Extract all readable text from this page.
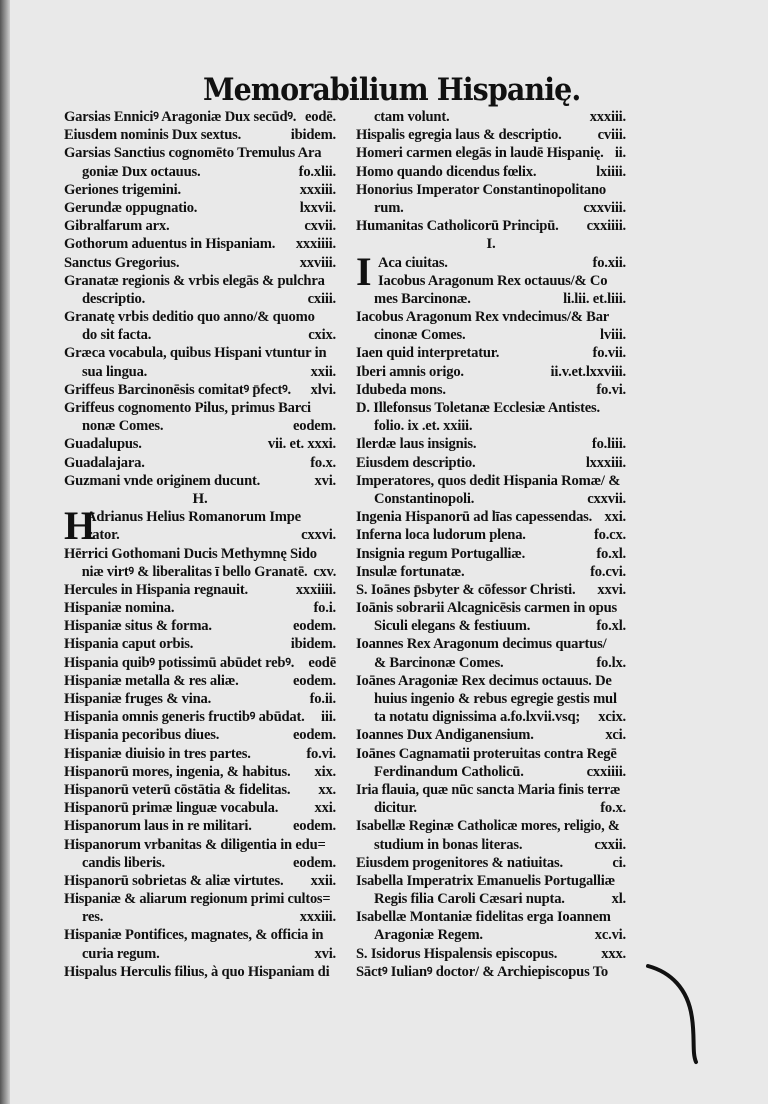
Memorabilium Hispanię.
Garsias Enniciꝰ Aragoniæ Dux secūdꝰ. eodē.
Eiusdem nominis Dux sextus.	ibidem.
Garsias Sanctius cognomēto Tremulus Ara
goniæ Dux octauus.	fo.xlii.
Geriones trigemini.	xxxiii.
Gerundæ oppugnatio.	lxxvii.
Gibralfarum arx.	cxvii.
Gothorum aduentus in Hispaniam.	xxxiiii.
Sanctus Gregorius.	xxviii.
Granatæ regionis & vrbis elegās & pulchra
descriptio.	cxiii.
Granatę vrbis deditio quo anno/& quomo
do sit facta.	cxix.
Græca vocabula, quibus Hispani vtuntur in
sua lingua.	xxii.
Griffeus Barcinonēsis comitatꝰ p̄fectꝰ.	xlvi.
Griffeus cognomento Pilus, primus Barci
nonæ Comes.	eodem.
Guadalupus.	vii. et. xxxi.
Guadalajara.	fo.x.
Guzmani vnde originem ducunt.	xvi.
H.
H
Adrianus Helius Romanorum Impe
rator.	cxxvi.
Hērrici Gothomani Ducis Methymnę Sido
niæ virtꝰ & liberalitas ī bello Granatē. cxv.
Hercules in Hispania regnauit.	xxxiiii.
Hispaniæ nomina.	fo.i.
Hispaniæ situs & forma.	eodem.
Hispania caput orbis.	ibidem.
Hispania quibꝰ potissimū abūdet rebꝰ. eodē
Hispaniæ metalla & res aliæ.	eodem.
Hispaniæ fruges & vina.	fo.ii.
Hispania omnis generis fructibꝰ abūdat.	iii.
Hispania pecoribus diues.	eodem.
Hispaniæ diuisio in tres partes.	fo.vi.
Hispanorū mores, ingenia, & habitus.	xix.
Hispanorū veterū cōstātia & fidelitas.	xx.
Hispanorū primæ linguæ vocabula.	xxi.
Hispanorum laus in re militari.	eodem.
Hispanorum vrbanitas & diligentia in edu=
candis liberis.	eodem.
Hispanorū sobrietas & aliæ virtutes.	xxii.
Hispaniæ & aliarum regionum primi cultos=
res.	xxxiii.
Hispaniæ Pontifices, magnates, & officia in
curia regum.	xvi.
Hispalus Herculis filius, à quo Hispaniam di
ctam volunt.	xxxiii.
Hispalis egregia laus & descriptio.	cviii.
Homeri carmen elegās in laudē Hispanię. ii.
Homo quando dicendus fœlix.	lxiiii.
Honorius Imperator Constantinopolitano
rum.	cxxviii.
Humanitas Catholicorū Principū.	cxxiiii.
I.
I Aca ciuitas.	fo.xii.
Iacobus Aragonum Rex octauus/& Co
mes Barcinonæ.	li.lii. et.liii.
Iacobus Aragonum Rex vndecimus/& Bar
cinonæ Comes.	lviii.
Iaen quid interpretatur.	fo.vii.
Iberi amnis origo.	ii.v.et.lxxviii.
Idubeda mons.	fo.vi.
D. Illefonsus Toletanæ Ecclesiæ Antistes.
folio. ix .et. xxiii.
Ilerdæ laus insignis.	fo.liii.
Eiusdem descriptio.	lxxxiii.
Imperatores, quos dedit Hispania Romæ/ &
Constantinopoli.	cxxvii.
Ingenia Hispanorū ad līas capessendas. xxi.
Inferna loca ludorum plena.	fo.cx.
Insignia regum Portugalliæ.	fo.xl.
Insulæ fortunatæ.	fo.cvi.
S. Ioānes p̄sbyter & cōfessor Christi.	xxvi.
Ioānis sobrarii Alcagnicēsis carmen in opus
Siculi elegans & festiuum.	fo.xl.
Ioannes Rex Aragonum decimus quartus/
& Barcinonæ Comes.	fo.lx.
Ioānes Aragoniæ Rex decimus octauus. De
huius ingenio & rebus egregie gestis mul
ta notatu dignissima a.fo.lxvii.vsq;	xcix.
Ioannes Dux Andiganensium.	xci.
Ioānes Cagnamatii proteruitas contra Regē
Ferdinandum Catholicū.	cxxiiii.
Iria flauia, quæ nūc sancta Maria finis terræ
dicitur.	fo.x.
Isabellæ Reginæ Catholicæ mores, religio, &
studium in bonas literas.	cxxii.
Eiusdem progenitores & natiuitas.	ci.
Isabella Imperatrix Emanuelis Portugalliæ
Regis filia Caroli Cæsari nupta.	xl.
Isabellæ Montaniæ fidelitas erga Ioannem
Aragoniæ Regem.	xc.vi.
S. Isidorus Hispalensis episcopus.	xxx.
Sāctꝰ Iulianꝰ doctor/ & Archiepiscopus To
